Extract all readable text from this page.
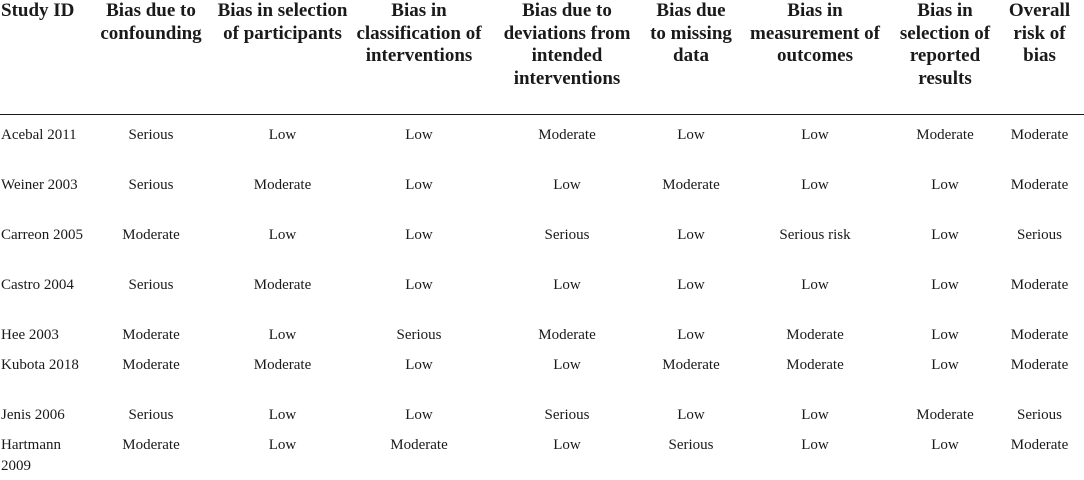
Study ID	Bias due to confounding	Bias in selection of participants	Bias in classification of interventions	Bias due to deviations from intended interventions	Bias due to missing data	Bias in measurement of outcomes	Bias in selection of reported results	Overall risk of bias

Acebal 2011	Serious	Low	Low	Moderate	Low	Low	Moderate	Moderate
Weiner 2003	Serious	Moderate	Low	Low	Moderate	Low	Low	Moderate
Carreon 2005	Moderate	Low	Low	Serious	Low	Serious risk	Low	Serious
Castro 2004	Serious	Moderate	Low	Low	Low	Low	Low	Moderate
Hee 2003	Moderate	Low	Serious	Moderate	Low	Moderate	Low	Moderate
Kubota 2018	Moderate	Moderate	Low	Low	Moderate	Moderate	Low	Moderate
Jenis 2006	Serious	Low	Low	Serious	Low	Low	Moderate	Serious
Hartmann 2009	Moderate	Low	Moderate	Low	Serious	Low	Low	Moderate
